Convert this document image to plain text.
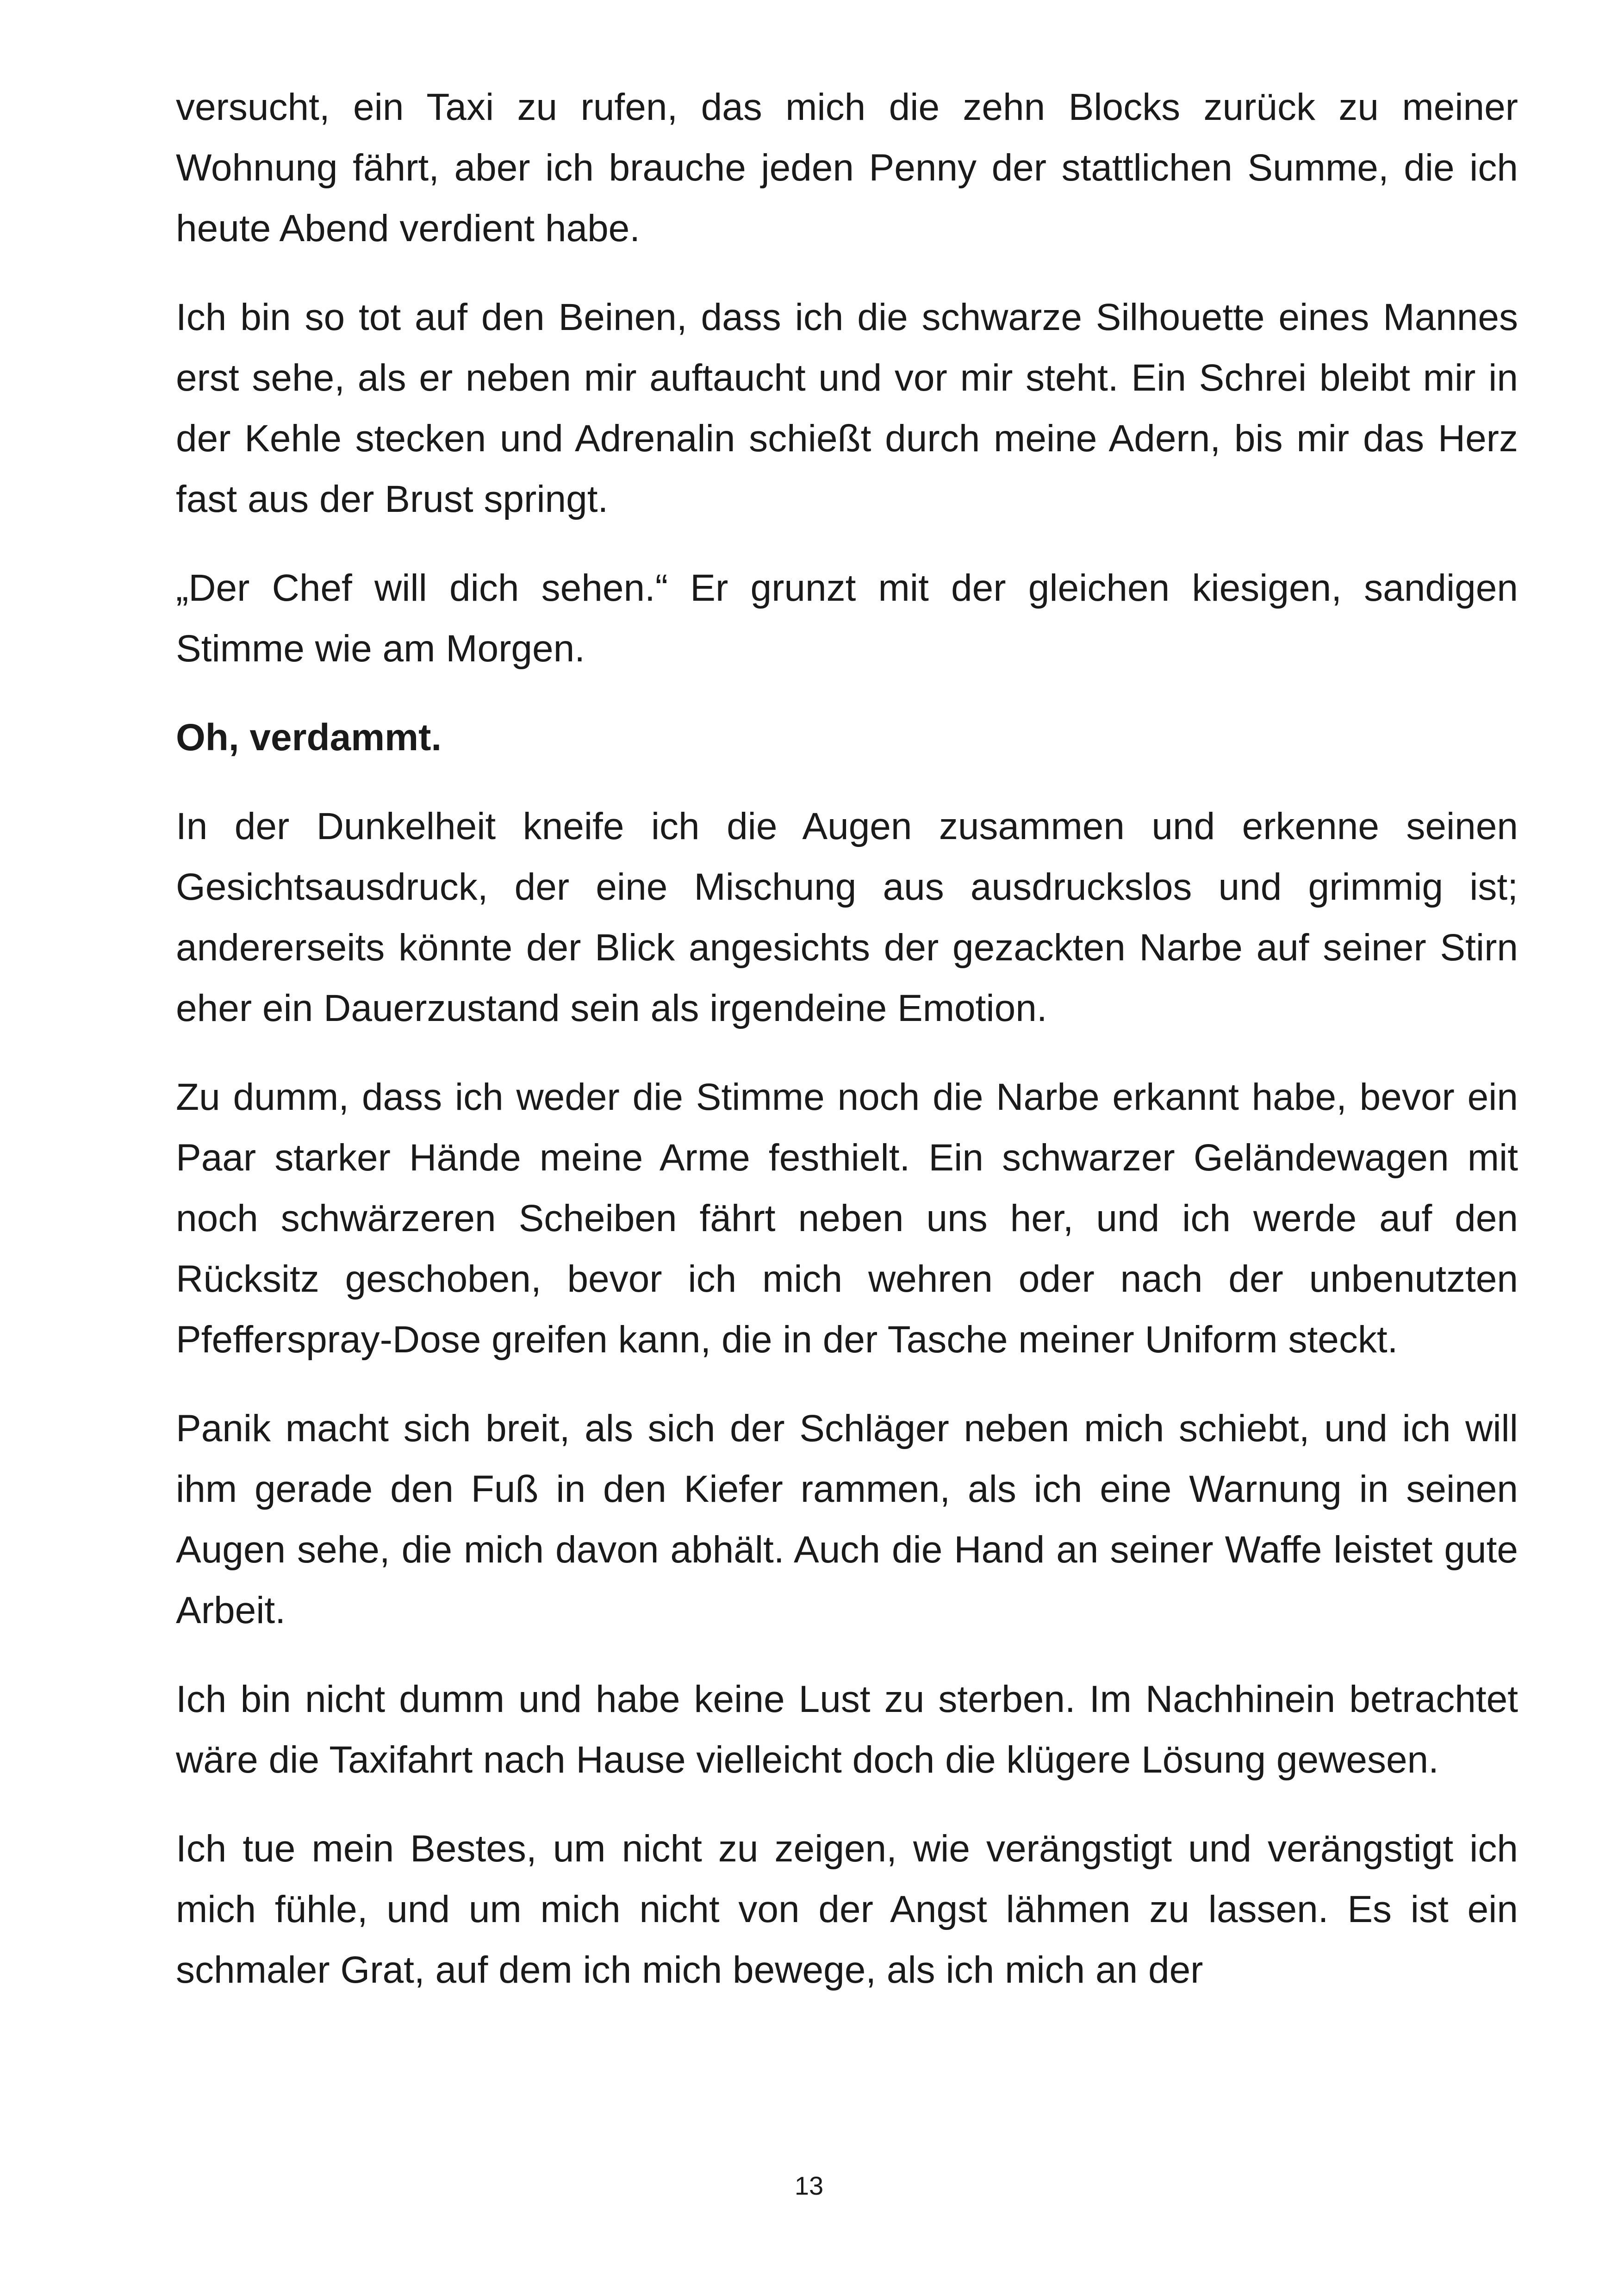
versucht, ein Taxi zu rufen, das mich die zehn Blocks zurück zu meiner Wohnung fährt, aber ich brauche jeden Penny der stattlichen Summe, die ich heute Abend verdient habe.

Ich bin so tot auf den Beinen, dass ich die schwarze Silhouette eines Mannes erst sehe, als er neben mir auftaucht und vor mir steht. Ein Schrei bleibt mir in der Kehle stecken und Adrenalin schießt durch meine Adern, bis mir das Herz fast aus der Brust springt.

„Der Chef will dich sehen.“ Er grunzt mit der gleichen kiesigen, sandigen Stimme wie am Morgen.

Oh, verdammt.

In der Dunkelheit kneife ich die Augen zusammen und erkenne seinen Gesichtsausdruck, der eine Mischung aus ausdruckslos und grimmig ist; andererseits könnte der Blick angesichts der gezackten Narbe auf seiner Stirn eher ein Dauerzustand sein als irgendeine Emotion.

Zu dumm, dass ich weder die Stimme noch die Narbe erkannt habe, bevor ein Paar starker Hände meine Arme festhielt. Ein schwarzer Geländewagen mit noch schwärzeren Scheiben fährt neben uns her, und ich werde auf den Rücksitz geschoben, bevor ich mich wehren oder nach der unbenutzten Pfefferspray-Dose greifen kann, die in der Tasche meiner Uniform steckt.

Panik macht sich breit, als sich der Schläger neben mich schiebt, und ich will ihm gerade den Fuß in den Kiefer rammen, als ich eine Warnung in seinen Augen sehe, die mich davon abhält. Auch die Hand an seiner Waffe leistet gute Arbeit.

Ich bin nicht dumm und habe keine Lust zu sterben. Im Nachhinein betrachtet wäre die Taxifahrt nach Hause vielleicht doch die klügere Lösung gewesen.

Ich tue mein Bestes, um nicht zu zeigen, wie verängstigt und verängstigt ich mich fühle, und um mich nicht von der Angst lähmen zu lassen. Es ist ein schmaler Grat, auf dem ich mich bewege, als ich mich an der

13
